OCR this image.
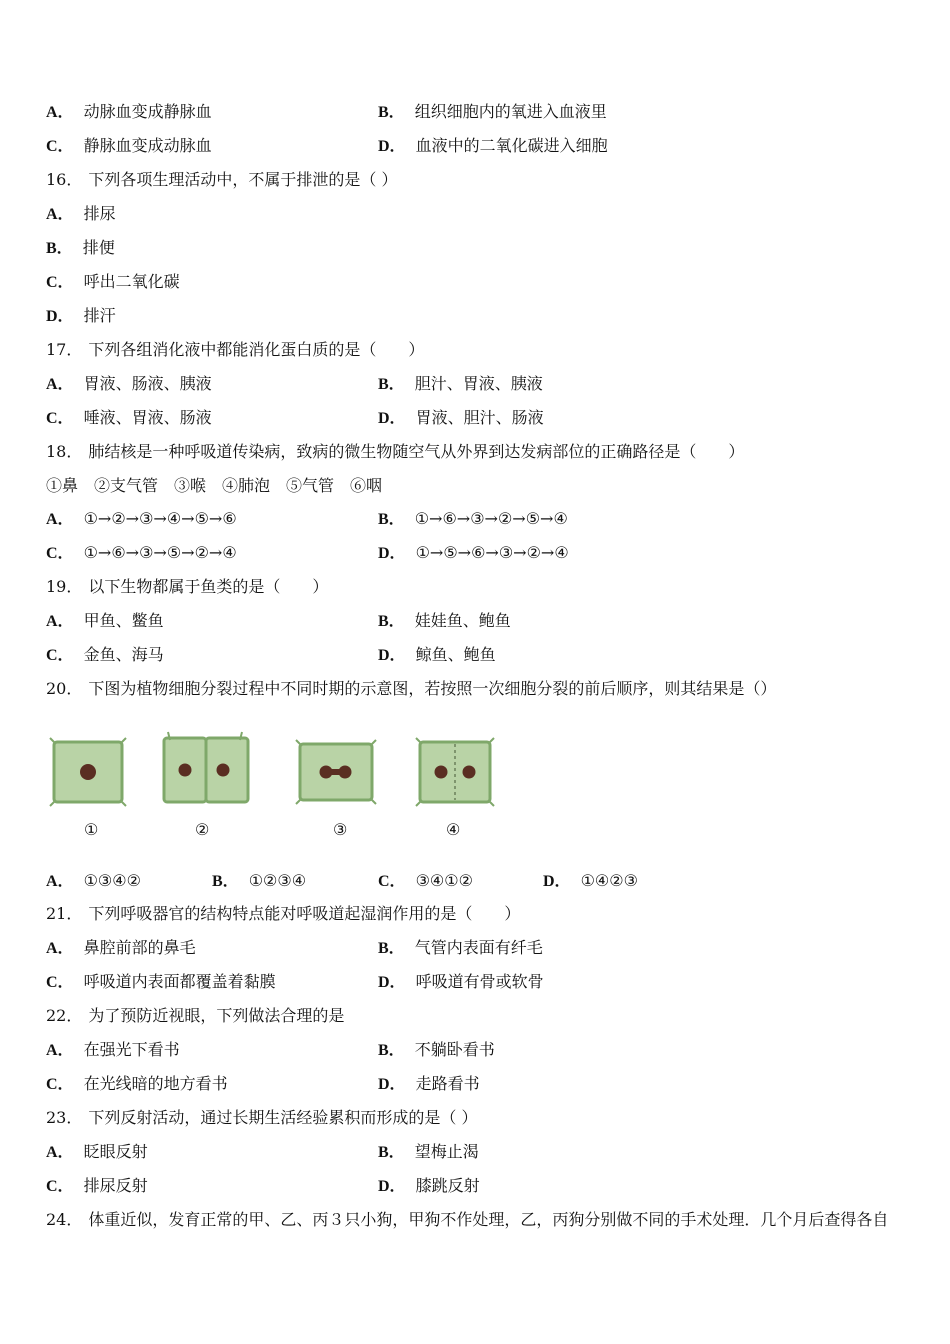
A． 动脉血变成静脉血	B． 组织细胞内的氧进入血液里
C． 静脉血变成动脉血	D． 血液中的二氧化碳进入细胞
16． 下列各项生理活动中，不属于排泄的是（ ）
A． 排尿
B． 排便
C． 呼出二氧化碳
D． 排汗
17． 下列各组消化液中都能消化蛋白质的是（　　）
A． 胃液、肠液、胰液	B． 胆汁、胃液、胰液
C． 唾液、胃液、肠液	D． 胃液、胆汁、肠液
18． 肺结核是一种呼吸道传染病，致病的微生物随空气从外界到达发病部位的正确路径是（　　）
①鼻　②支气管　③喉　④肺泡　⑤气管　⑥咽
A． ①→②→③→④→⑤→⑥	B． ①→⑥→③→②→⑤→④
C． ①→⑥→③→⑤→②→④	D． ①→⑤→⑥→③→②→④
19． 以下生物都属于鱼类的是（　　）
A． 甲鱼、鳖鱼	B． 娃娃鱼、鲍鱼
C． 金鱼、海马	D． 鲸鱼、鲍鱼
20． 下图为植物细胞分裂过程中不同时期的示意图，若按照一次细胞分裂的前后顺序，则其结果是（）
①	②	③	④
A． ①③④②	B． ①②③④	C． ③④①②	D． ①④②③
21． 下列呼吸器官的结构特点能对呼吸道起湿润作用的是（　　）
A． 鼻腔前部的鼻毛	B． 气管内表面有纤毛
C． 呼吸道内表面都覆盖着黏膜	D． 呼吸道有骨或软骨
22． 为了预防近视眼，下列做法合理的是
A． 在强光下看书	B． 不躺卧看书
C． 在光线暗的地方看书	D． 走路看书
23． 下列反射活动，通过长期生活经验累积而形成的是（ ）
A． 眨眼反射	B． 望梅止渴
C． 排尿反射	D． 膝跳反射
24． 体重近似，发育正常的甲、乙、丙３只小狗，甲狗不作处理，乙，丙狗分别做不同的手术处理．几个月后查得各自
